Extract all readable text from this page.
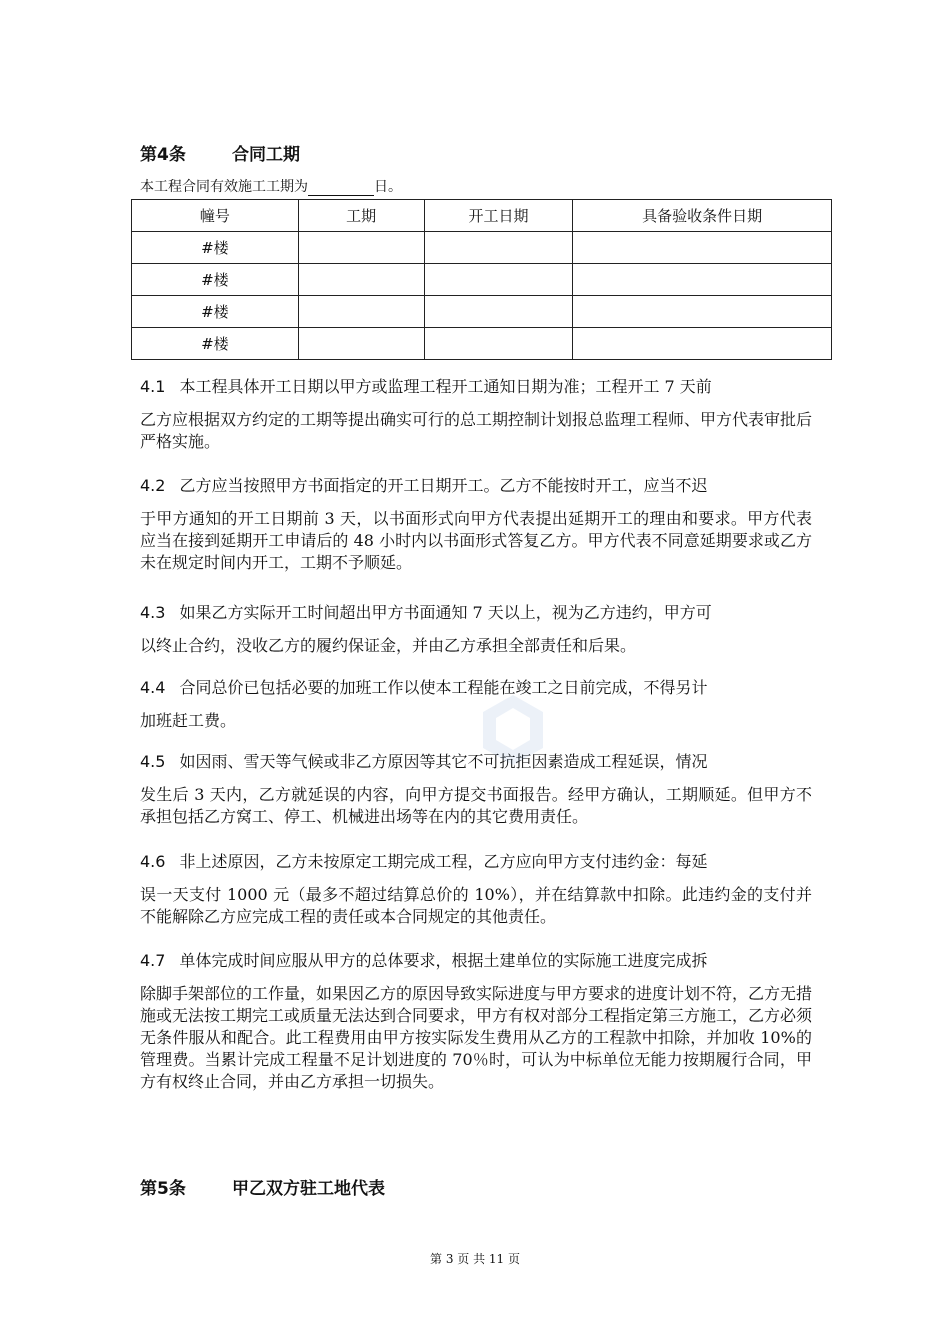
第4条	合同工期
本工程合同有效施工工期为	日。
幢号	工期	开工日期	具备验收条件日期
#楼			
#楼			
#楼			
#楼			
4.1 本工程具体开工日期以甲方或监理工程开工通知日期为准；工程开工 7 天前
乙方应根据双方约定的工期等提出确实可行的总工期控制计划报总监理工程师、甲方代表审批后严格实施。
4.2 乙方应当按照甲方书面指定的开工日期开工。乙方不能按时开工，应当不迟
于甲方通知的开工日期前 3 天，以书面形式向甲方代表提出延期开工的理由和要求。甲方代表应当在接到延期开工申请后的 48 小时内以书面形式答复乙方。甲方代表不同意延期要求或乙方未在规定时间内开工，工期不予顺延。
4.3 如果乙方实际开工时间超出甲方书面通知 7 天以上，视为乙方违约，甲方可
以终止合约，没收乙方的履约保证金，并由乙方承担全部责任和后果。
4.4 合同总价已包括必要的加班工作以使本工程能在竣工之日前完成，不得另计
加班赶工费。
4.5 如因雨、雪天等气候或非乙方原因等其它不可抗拒因素造成工程延误，情况
发生后 3 天内，乙方就延误的内容，向甲方提交书面报告。经甲方确认，工期顺延。但甲方不承担包括乙方窝工、停工、机械进出场等在内的其它费用责任。
4.6 非上述原因，乙方未按原定工期完成工程，乙方应向甲方支付违约金：每延
误一天支付 1000 元（最多不超过结算总价的 10%），并在结算款中扣除。此违约金的支付并不能解除乙方应完成工程的责任或本合同规定的其他责任。
4.7 单体完成时间应服从甲方的总体要求，根据土建单位的实际施工进度完成拆
除脚手架部位的工作量，如果因乙方的原因导致实际进度与甲方要求的进度计划不符，乙方无措施或无法按工期完工或质量无法达到合同要求，甲方有权对部分工程指定第三方施工，乙方必须无条件服从和配合。此工程费用由甲方按实际发生费用从乙方的工程款中扣除，并加收 10%的管理费。当累计完成工程量不足计划进度的 70％时，可认为中标单位无能力按期履行合同，甲方有权终止合同，并由乙方承担一切损失。
第5条	甲乙双方驻工地代表
第 3 页 共 11 页
